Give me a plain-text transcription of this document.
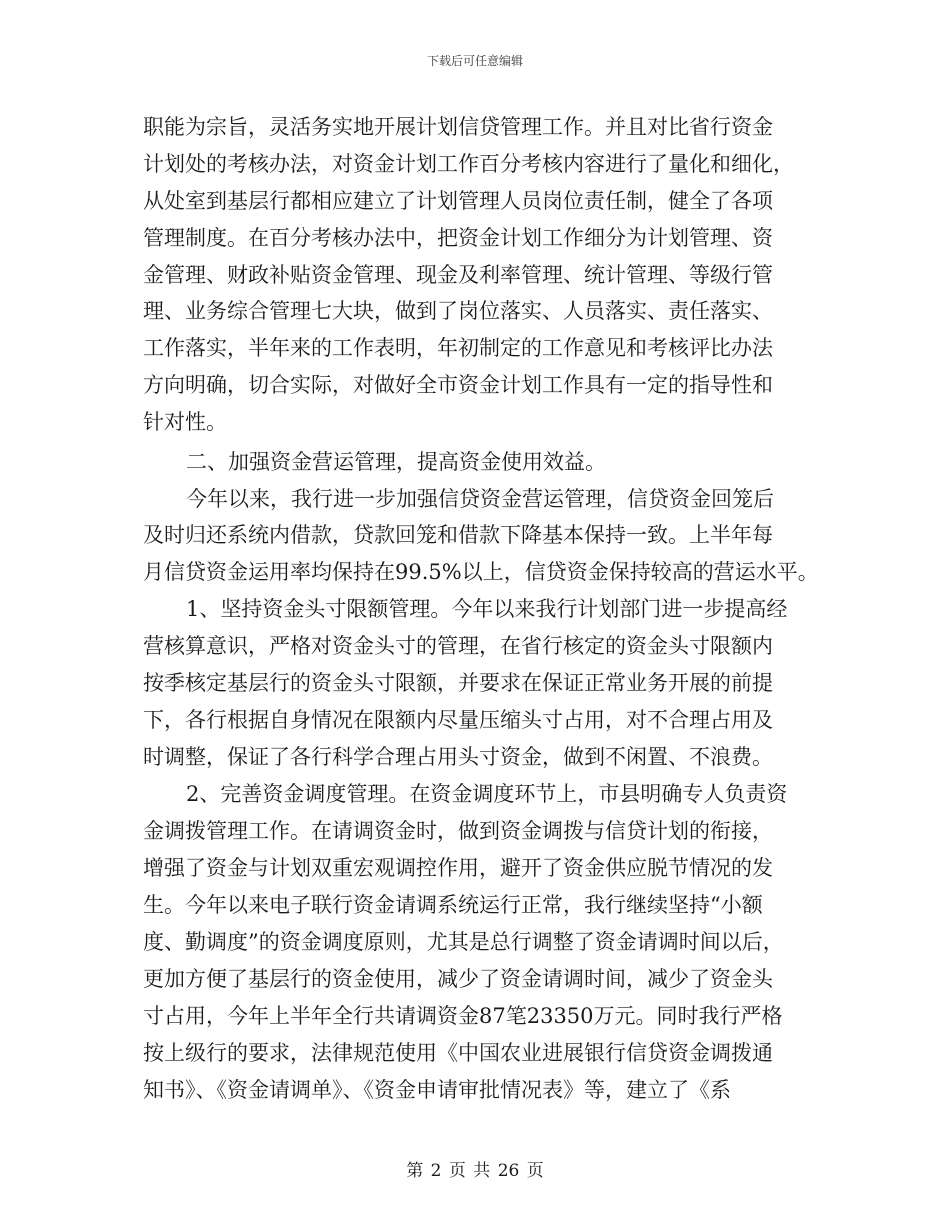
下载后可任意编辑
职能为宗旨，灵活务实地开展计划信贷管理工作。并且对比省行资金
计划处的考核办法，对资金计划工作百分考核内容进行了量化和细化，
从处室到基层行都相应建立了计划管理人员岗位责任制，健全了各项
管理制度。在百分考核办法中，把资金计划工作细分为计划管理、资
金管理、财政补贴资金管理、现金及利率管理、统计管理、等级行管
理、业务综合管理七大块，做到了岗位落实、人员落实、责任落实、
工作落实，半年来的工作表明，年初制定的工作意见和考核评比办法
方向明确，切合实际，对做好全市资金计划工作具有一定的指导性和
针对性。
二、加强资金营运管理，提高资金使用效益。
今年以来，我行进一步加强信贷资金营运管理，信贷资金回笼后
及时归还系统内借款，贷款回笼和借款下降基本保持一致。上半年每
月信贷资金运用率均保持在99.5%以上，信贷资金保持较高的营运水平。
1、坚持资金头寸限额管理。今年以来我行计划部门进一步提高经
营核算意识，严格对资金头寸的管理，在省行核定的资金头寸限额内
按季核定基层行的资金头寸限额，并要求在保证正常业务开展的前提
下，各行根据自身情况在限额内尽量压缩头寸占用，对不合理占用及
时调整，保证了各行科学合理占用头寸资金，做到不闲置、不浪费。
2、完善资金调度管理。在资金调度环节上，市县明确专人负责资
金调拨管理工作。在请调资金时，做到资金调拨与信贷计划的衔接，
增强了资金与计划双重宏观调控作用，避开了资金供应脱节情况的发
生。今年以来电子联行资金请调系统运行正常，我行继续坚持“小额
度、勤调度”的资金调度原则，尤其是总行调整了资金请调时间以后，
更加方便了基层行的资金使用，减少了资金请调时间，减少了资金头
寸占用，今年上半年全行共请调资金87笔23350万元。同时我行严格
按上级行的要求，法律规范使用《中国农业进展银行信贷资金调拨通
知书》、《资金请调单》、《资金申请审批情况表》等，建立了《系
第 2 页 共 26 页
